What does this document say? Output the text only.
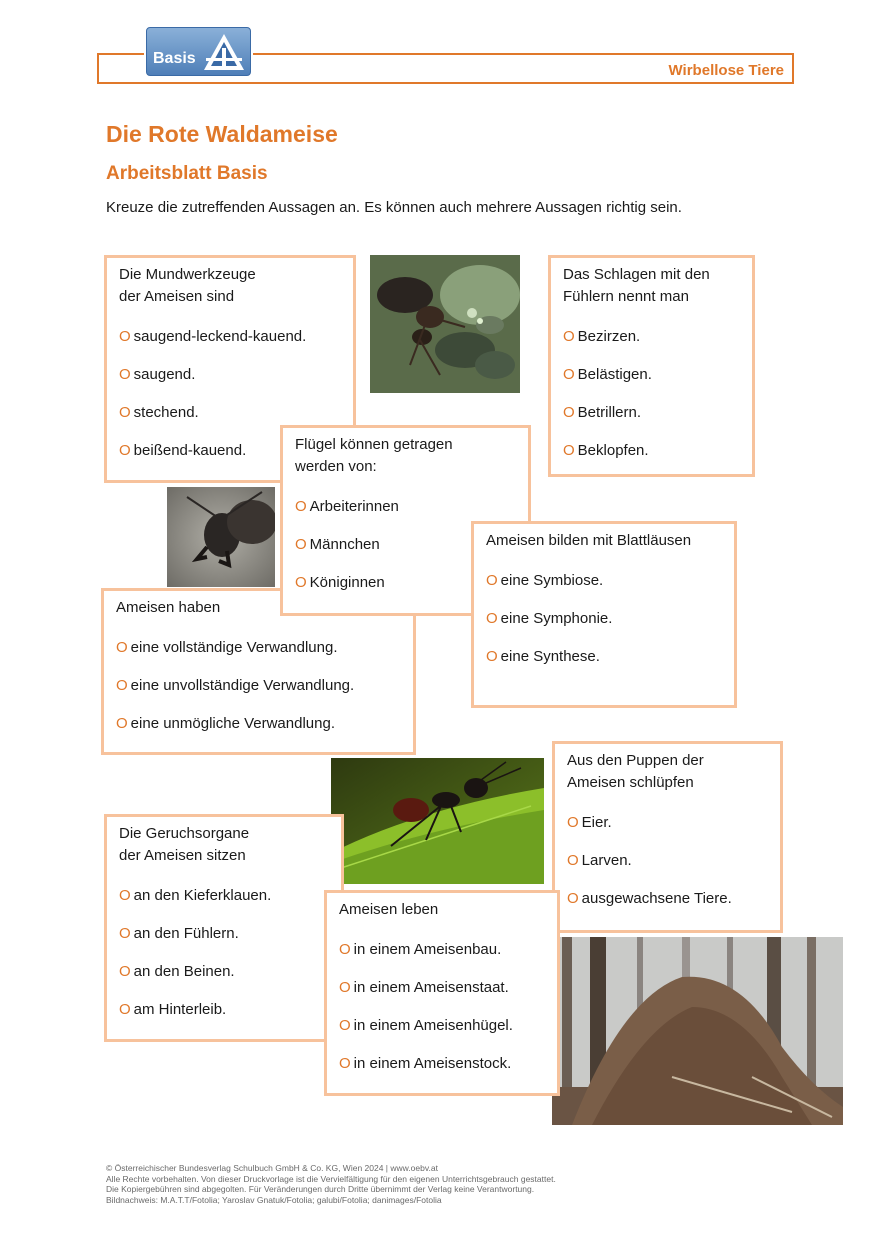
Wirbellose Tiere
Basis
Die Rote Waldameise
Arbeitsblatt Basis
Kreuze die zutreffenden Aussagen an. Es können auch mehrere Aussagen richtig sein.
Die Mundwerkzeuge
der Ameisen sind
O saugend-leckend-kauend.
O saugend.
O stechend.
O beißend-kauend.
Das Schlagen mit den
Fühlern nennt man
O Bezirzen.
O Belästigen.
O Betrillern.
O Beklopfen.
Ameisen haben
O eine vollständige Verwandlung.
O eine unvollständige Verwandlung.
O eine unmögliche Verwandlung.
Flügel können getragen
werden von:
O Arbeiterinnen
O Männchen
O Königinnen
Ameisen bilden mit Blattläusen
O eine Symbiose.
O eine Symphonie.
O eine Synthese.
Aus den Puppen der
Ameisen schlüpfen
O Eier.
O Larven.
O ausgewachsene Tiere.
Die Geruchsorgane
der Ameisen sitzen
O an den Kieferklauen.
O an den Fühlern.
O an den Beinen.
O am Hinterleib.
Ameisen leben
O in einem Ameisenbau.
O in einem Ameisenstaat.
O in einem Ameisenhügel.
O in einem Ameisenstock.
© Österreichischer Bundesverlag Schulbuch GmbH & Co. KG, Wien 2024 | www.oebv.at
Alle Rechte vorbehalten. Von dieser Druckvorlage ist die Vervielfältigung für den eigenen Unterrichtsgebrauch gestattet.
Die Kopiergebühren sind abgegolten. Für Veränderungen durch Dritte übernimmt der Verlag keine Verantwortung.
Bildnachweis: M.A.T.T/Fotolia; Yaroslav Gnatuk/Fotolia; galubi/Fotolia; danimages/Fotolia
